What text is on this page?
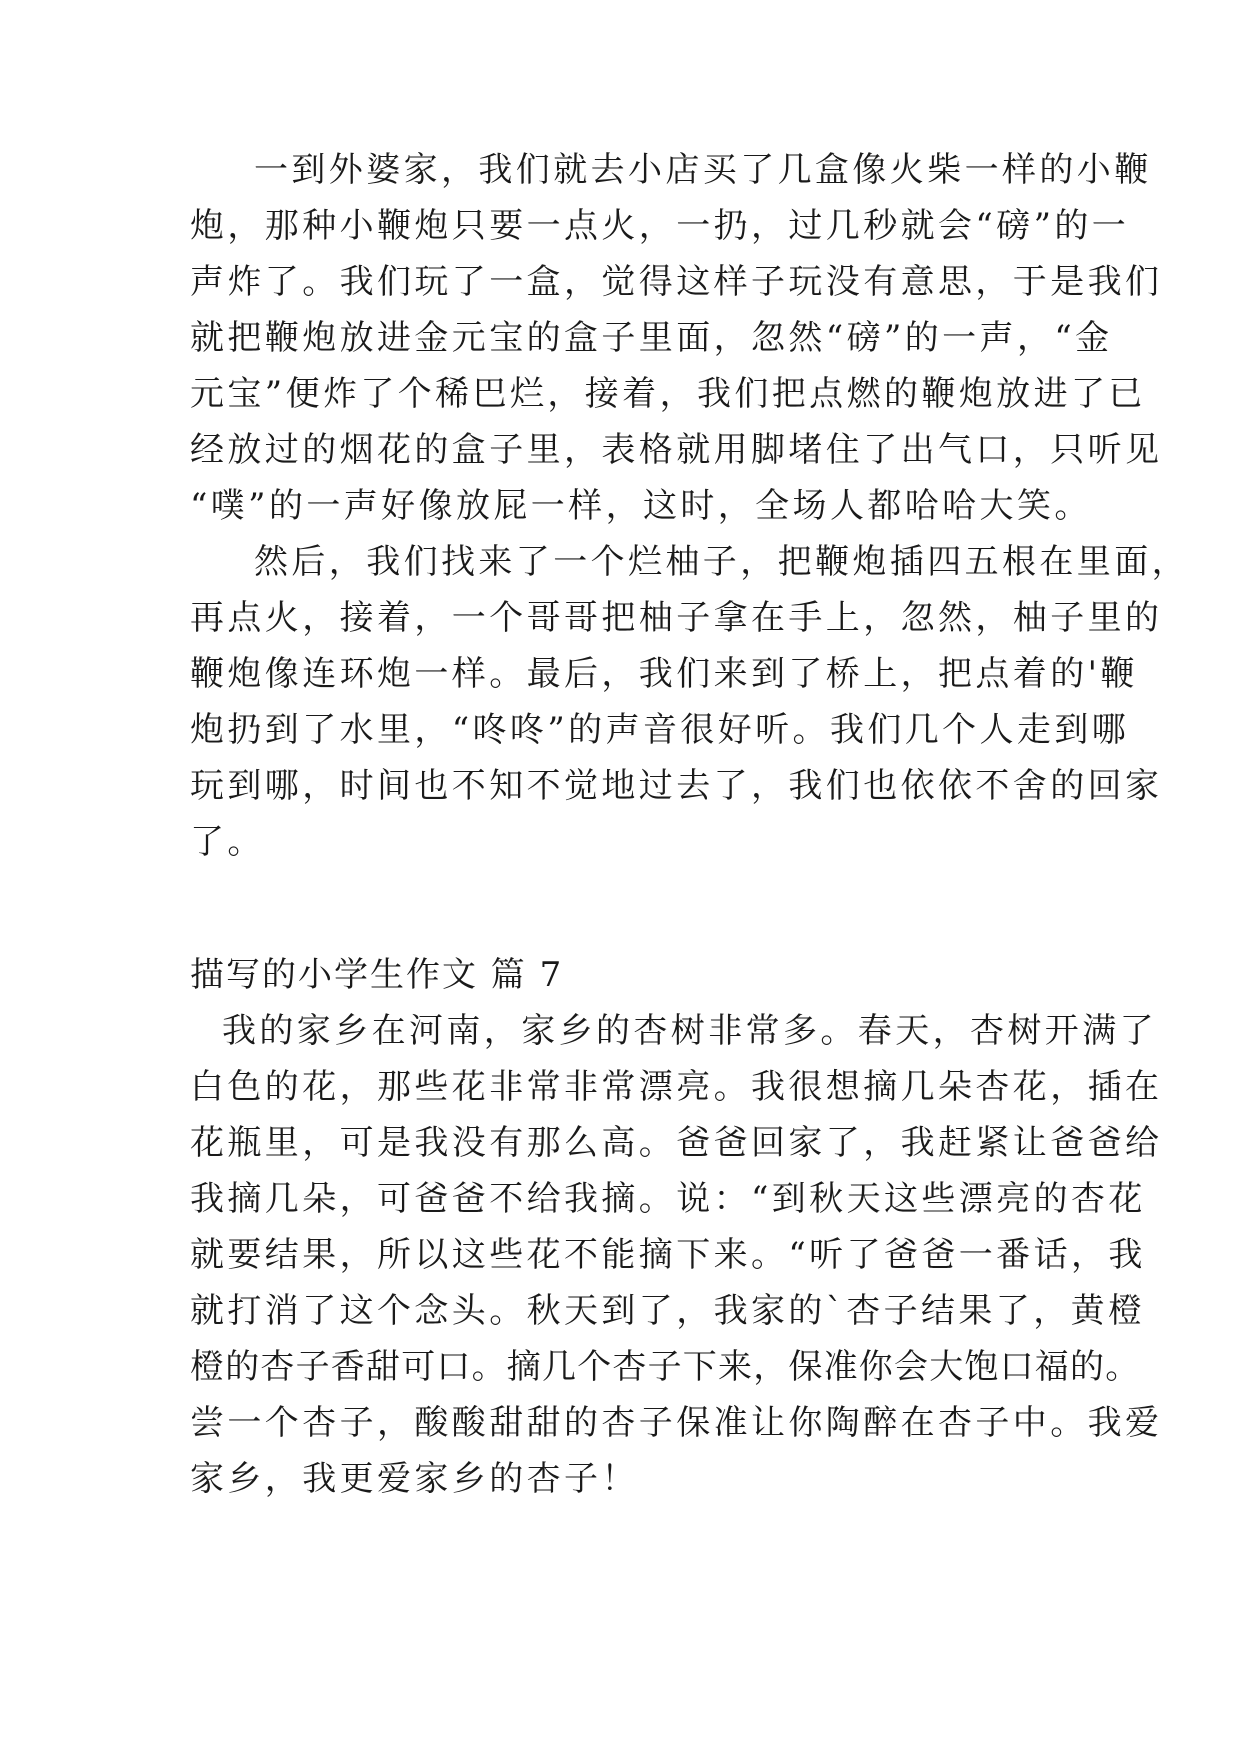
一到外婆家，我们就去小店买了几盒像火柴一样的小鞭
炮，那种小鞭炮只要一点火，一扔，过几秒就会“磅”的一
声炸了。我们玩了一盒，觉得这样子玩没有意思，于是我们
就把鞭炮放进金元宝的盒子里面，忽然“磅”的一声，“金
元宝”便炸了个稀巴烂，接着，我们把点燃的鞭炮放进了已
经放过的烟花的盒子里，表格就用脚堵住了出气口，只听见
“噗”的一声好像放屁一样，这时，全场人都哈哈大笑。
然后，我们找来了一个烂柚子，把鞭炮插四五根在里面，
再点火，接着，一个哥哥把柚子拿在手上，忽然，柚子里的
鞭炮像连环炮一样。最后，我们来到了桥上，把点着的'鞭
炮扔到了水里，“咚咚”的声音很好听。我们几个人走到哪
玩到哪，时间也不知不觉地过去了，我们也依依不舍的回家
了。
描写的小学生作文 篇 7
我的家乡在河南，家乡的杏树非常多。春天，杏树开满了
白色的花，那些花非常非常漂亮。我很想摘几朵杏花，插在
花瓶里，可是我没有那么高。爸爸回家了，我赶紧让爸爸给
我摘几朵，可爸爸不给我摘。说：“到秋天这些漂亮的杏花
就要结果，所以这些花不能摘下来。“听了爸爸一番话，我
就打消了这个念头。秋天到了，我家的`杏子结果了，黄橙
橙的杏子香甜可口。摘几个杏子下来，保准你会大饱口福的。
尝一个杏子，酸酸甜甜的杏子保准让你陶醉在杏子中。我爱
家乡，我更爱家乡的杏子！
